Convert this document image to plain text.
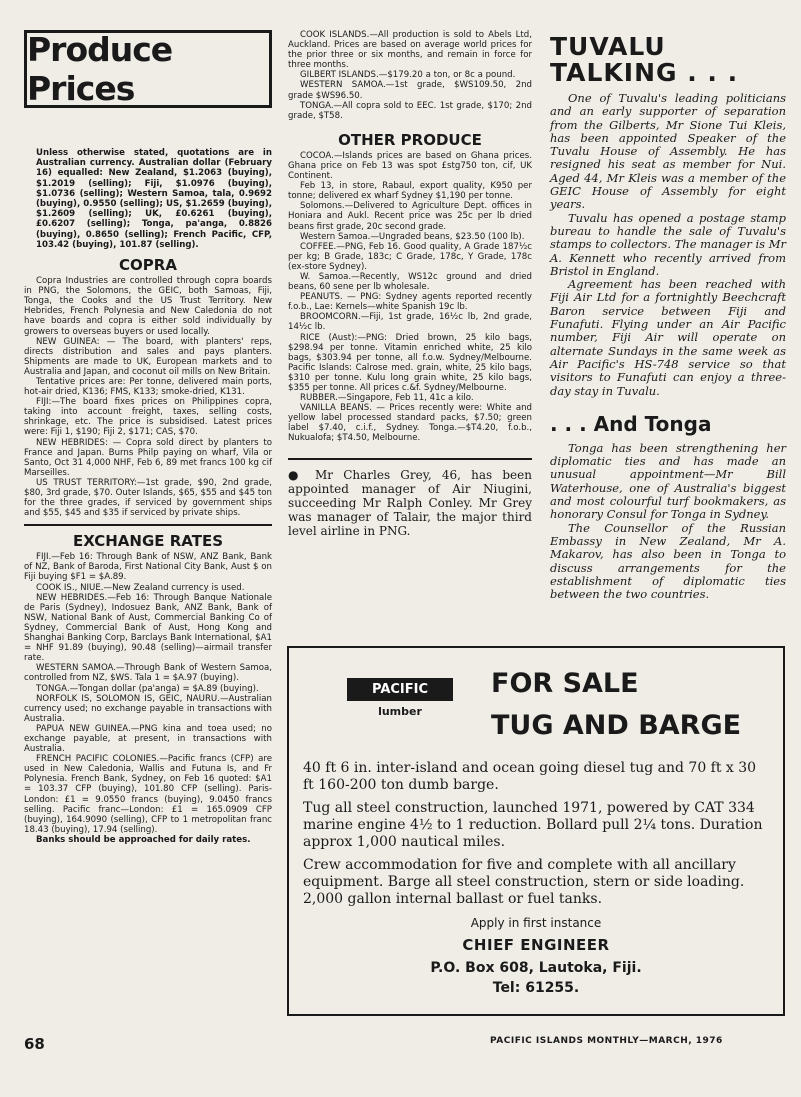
Produce Prices

Unless otherwise stated, quotations are in Australian currency. Australian dollar (February 16) equalled: New Zealand, $1.2063 (buying), $1.2019 (selling); Fiji, $1.0976 (buying), $1.0736 (selling); Western Samoa, tala, 0.9692 (buying), 0.9550 (selling); US, $1.2659 (buying), $1.2609 (selling); UK, £0.6261 (buying), £0.6207 (selling); Tonga, pa'anga, 0.8826 (buying), 0.8650 (selling); French Pacific, CFP, 103.42 (buying), 101.87 (selling).

COPRA

Copra Industries are controlled through copra boards in PNG, the Solomons, the GEIC, both Samoas, Fiji, Tonga, the Cooks and the US Trust Territory. New Hebrides, French Polynesia and New Caledonia do not have boards and copra is either sold individually by growers to overseas buyers or used locally.

NEW GUINEA: — The board, with planters' reps, directs distribution and sales and pays planters. Shipments are made to UK, European markets and to Australia and Japan, and coconut oil mills on New Britain.

Tentative prices are: Per tonne, delivered main ports, hot-air dried, K136; FMS, K133; smoke-dried, K131.

FIJI:—The board fixes prices on Philippines copra, taking into account freight, taxes, selling costs, shrinkage, etc. The price is subsidised. Latest prices were: Fiji 1, $190; Fiji 2, $171; CAS, $70.

NEW HEBRIDES: — Copra sold direct by planters to France and Japan. Burns Philp paying on wharf, Vila or Santo, Oct 31 4,000 NHF, Feb 6, 89 met francs 100 kg cif Marseilles.

US TRUST TERRITORY:—1st grade, $90, 2nd grade, $80, 3rd grade, $70. Outer Islands, $65, $55 and $45 ton for the three grades, if serviced by government ships and $55, $45 and $35 if serviced by private ships.

EXCHANGE RATES

FIJI.—Feb 16: Through Bank of NSW, ANZ Bank, Bank of NZ, Bank of Baroda, First National City Bank, Aust $ on Fiji buying $F1 = $A.89.

COOK IS., NIUE.—New Zealand currency is used.

NEW HEBRIDES.—Feb 16: Through Banque Nationale de Paris (Sydney), Indosuez Bank, ANZ Bank, Bank of NSW, National Bank of Aust, Commercial Banking Co of Sydney, Commercial Bank of Aust, Hong Kong and Shanghai Banking Corp, Barclays Bank International, $A1 = NHF 91.89 (buying), 90.48 (selling)—airmail transfer rate.

WESTERN SAMOA.—Through Bank of Western Samoa, controlled from NZ, $WS. Tala 1 = $A.97 (buying).

TONGA.—Tongan dollar (pa'anga) = $A.89 (buying).

NORFOLK IS, SOLOMON IS, GEIC, NAURU.—Australian currency used; no exchange payable in transactions with Australia.

PAPUA NEW GUINEA.—PNG kina and toea used; no exchange payable, at present, in transactions with Australia.

FRENCH PACIFIC COLONIES.—Pacific francs (CFP) are used in New Caledonia, Wallis and Futuna Is, and Fr Polynesia. French Bank, Sydney, on Feb 16 quoted: $A1 = 103.37 CFP (buying), 101.80 CFP (selling). Paris-London: £1 = 9.0550 francs (buying), 9.0450 francs selling. Pacific franc—London: £1 = 165.0909 CFP (buying), 164.9090 (selling), CFP to 1 metropolitan franc 18.43 (buying), 17.94 (selling).

Banks should be approached for daily rates.

COOK ISLANDS.—All production is sold to Abels Ltd, Auckland. Prices are based on average world prices for the prior three or six months, and remain in force for three months.

GILBERT ISLANDS.—$179.20 a ton, or 8c a pound.

WESTERN SAMOA.—1st grade, $WS109.50, 2nd grade $WS96.50.

TONGA.—All copra sold to EEC. 1st grade, $170; 2nd grade, $T58.

OTHER PRODUCE

COCOA.—Islands prices are based on Ghana prices. Ghana price on Feb 13 was spot £stg750 ton, cif, UK Continent.

Feb 13, in store, Rabaul, export quality, K950 per tonne; delivered ex wharf Sydney $1,190 per tonne.

Solomons.—Delivered to Agriculture Dept. offices in Honiara and Aukl. Recent price was 25c per lb dried beans first grade, 20c second grade.

Western Samoa.—Ungraded beans, $23.50 (100 lb).

COFFEE.—PNG, Feb 16. Good quality, A Grade 187½c per kg; B Grade, 183c; C Grade, 178c, Y Grade, 178c (ex-store Sydney).

W. Samoa.—Recently, WS12c ground and dried beans, 60 sene per lb wholesale.

PEANUTS. — PNG: Sydney agents reported recently f.o.b., Lae: Kernels—white Spanish 19c lb.

BROOMCORN.—Fiji, 1st grade, 16½c lb, 2nd grade, 14½c lb.

RICE (Aust):—PNG: Dried brown, 25 kilo bags, $298.94 per tonne. Vitamin enriched white, 25 kilo bags, $303.94 per tonne, all f.o.w. Sydney/Melbourne. Pacific Islands: Calrose med. grain, white, 25 kilo bags, $310 per tonne. Kulu long grain white, 25 kilo bags, $355 per tonne. All prices c.&f. Sydney/Melbourne.

RUBBER.—Singapore, Feb 11, 41c a kilo.

VANILLA BEANS. — Prices recently were: White and yellow label processed standard packs, $7.50; green label $7.40, c.i.f., Sydney. Tonga.—$T4.20, f.o.b., Nukualofa; $T4.50, Melbourne.

● Mr Charles Grey, 46, has been appointed manager of Air Niugini, succeeding Mr Ralph Conley. Mr Grey was manager of Talair, the major third level airline in PNG.

TUVALU
TALKING . . .

One of Tuvalu's leading politicians and an early supporter of separation from the Gilberts, Mr Sione Tui Kleis, has been appointed Speaker of the Tuvalu House of Assembly. He has resigned his seat as member for Nui. Aged 44, Mr Kleis was a member of the GEIC House of Assembly for eight years.

Tuvalu has opened a postage stamp bureau to handle the sale of Tuvalu's stamps to collectors. The manager is Mr A. Kennett who recently arrived from Bristol in England.

Agreement has been reached with Fiji Air Ltd for a fortnightly Beechcraft Baron service between Fiji and Funafuti. Flying under an Air Pacific number, Fiji Air will operate on alternate Sundays in the same week as Air Pacific's HS-748 service so that visitors to Funafuti can enjoy a three-day stay in Tuvalu.

. . . And Tonga

Tonga has been strengthening her diplomatic ties and has made an unusual appointment—Mr Bill Waterhouse, one of Australia's biggest and most colourful turf bookmakers, as honorary Consul for Tonga in Sydney.

The Counsellor of the Russian Embassy in New Zealand, Mr A. Makarov, has also been in Tonga to discuss arrangements for the establishment of diplomatic ties between the two countries.

PACIFIC
lumber
FOR SALE
TUG AND BARGE

40 ft 6 in. inter-island and ocean going diesel tug and 70 ft x 30 ft 160-200 ton dumb barge.

Tug all steel construction, launched 1971, powered by CAT 334 marine engine 4½ to 1 reduction. Bollard pull 2¼ tons. Duration approx 1,000 nautical miles.

Crew accommodation for five and complete with all ancillary equipment. Barge all steel construction, stern or side loading. 2,000 gallon internal ballast or fuel tanks.

Apply in first instance
CHIEF ENGINEER
P.O. Box 608, Lautoka, Fiji.
Tel: 61255.
68	PACIFIC ISLANDS MONTHLY—MARCH, 1976
